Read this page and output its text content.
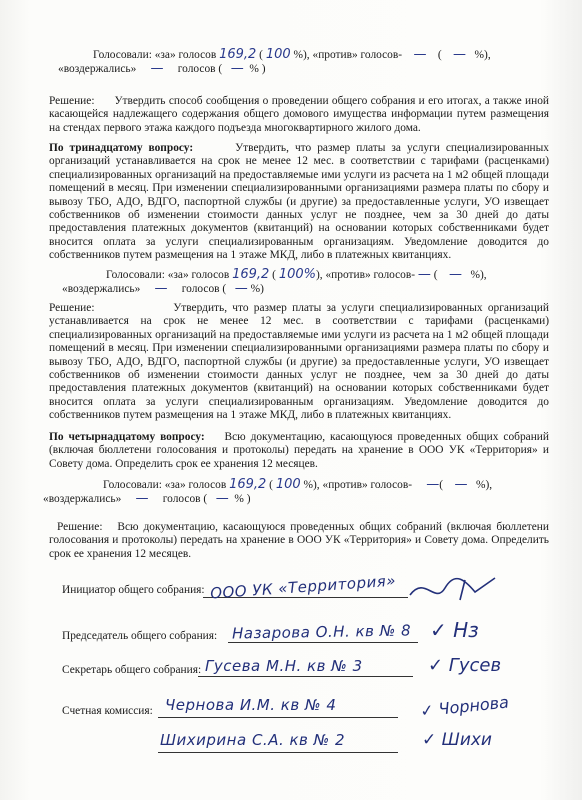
Голосовали: «за» голосов 169,2 ( 100 %), «против» голосов- —    (    —   %),
«воздержались» — голосов ( — % )
Решение: Утвердить способ сообщения о проведении общего собрания и его итогах, а также иной касающейся надлежащего содержания общего домового имущества информации путем размещения на стендах первого этажа каждого подъезда многоквартирного жилого дома.
По тринадцатому вопросу:	Утвердить, что размер платы за услуги специализированных организаций устанавливается на срок не менее 12 мес. в соответствии с тарифами (расценками) специализированных организаций на предоставляемые ими услуги из расчета на 1 м2 общей площади помещений в месяц. При изменении специализированными организациями размера платы по сбору и вывозу ТБО, АДО, ВДГО, паспортной службы (и другие) за предоставленные услуги, УО извещает собственников об изменении стоимости данных услуг не позднее, чем за 30 дней до даты предоставления платежных документов (квитанций) на основании которых собственниками будет вносится оплата за услуги специализированным организациям. Уведомление доводится до собственников путем размещения на 1 этаже МКД, либо в платежных квитанциях.
Голосовали: «за» голосов 169,2 ( 100%), «против» голосов- — (    —   %),
«воздержались» — голосов ( — %)
Решение:	Утвердить, что размер платы за услуги специализированных организаций устанавливается на срок не менее 12 мес. в соответствии с тарифами (расценками) специализированных организаций на предоставляемые ими услуги из расчета на 1 м2 общей площади помещений в месяц. При изменении специализированными организациями размера платы по сбору и вывозу ТБО, АДО, ВДГО, паспортной службы (и другие) за предоставленные услуги, УО извещает собственников об изменении стоимости данных услуг не позднее, чем за 30 дней до даты предоставления платежных документов (квитанций) на основании которых собственниками будет вносится оплата за услуги специализированным организациям. Уведомление доводится до собственников путем размещения на 1 этаже МКД, либо в платежных квитанциях.
По четырнадцатому вопросу: Всю документацию, касающуюся проведенных общих собраний (включая бюллетени голосования и протоколы) передать на хранение в ООО УК «Территория» и Совету дома. Определить срок ее хранения 12 месяцев.
Голосовали: «за» голосов 169,2 ( 100 %), «против» голосов- —(    —   %),
«воздержались» — голосов ( — % )
Решение: Всю документацию, касающуюся проведенных общих собраний (включая бюллетени голосования и протоколы) передать на хранение в ООО УК «Территория» и Совету дома. Определить срок ее хранения 12 месяцев.
Инициатор общего собрания: ООО УК «Территория»
Председатель общего собрания: Назарова О.Н. кв № 8 ✓ Нз
Секретарь общего собрания: Гусева М.Н. кв № 3	✓ Гусев
Счетная комиссия: Чернова И.М. кв № 4	✓ Чорнова
Шихирина С.А. кв № 2	✓ Шихи
